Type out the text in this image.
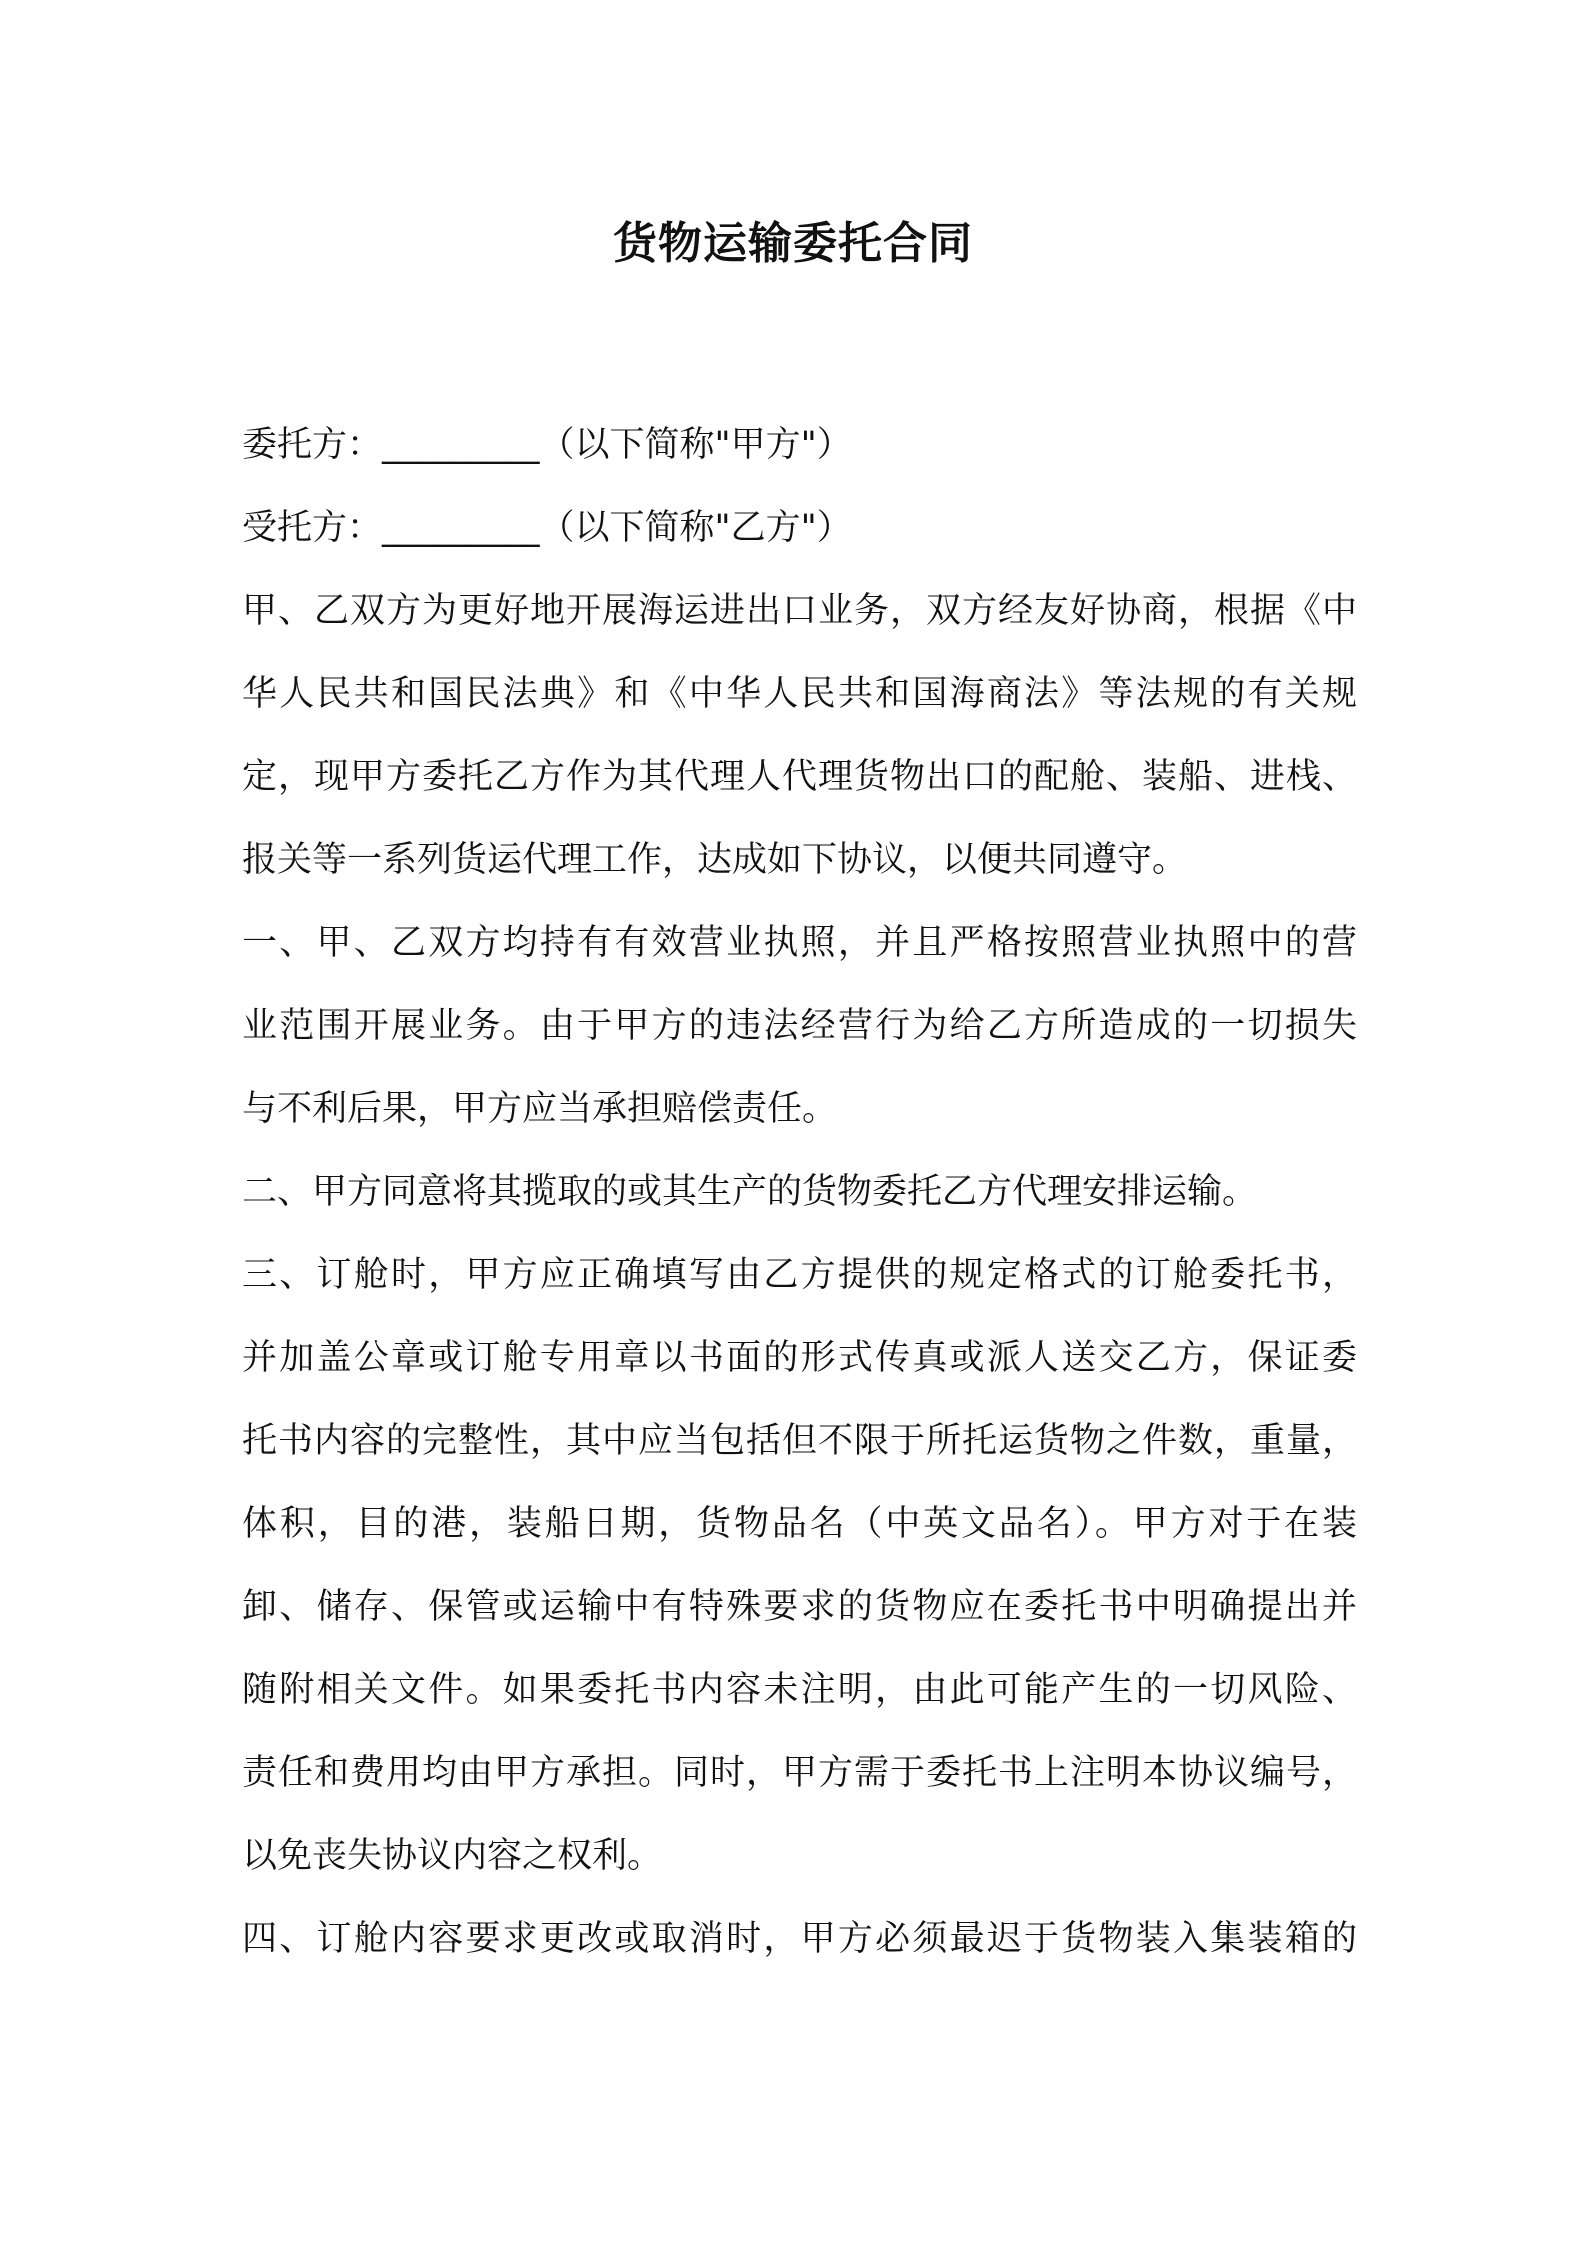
货物运输委托合同
委托方：_________（以下简称"甲方"）
受托方：_________（以下简称"乙方"）
甲、乙双方为更好地开展海运进出口业务，双方经友好协商，根据《中
华人民共和国民法典》和《中华人民共和国海商法》等法规的有关规
定，现甲方委托乙方作为其代理人代理货物出口的配舱、装船、进栈、
报关等一系列货运代理工作，达成如下协议，以便共同遵守。
一、甲、乙双方均持有有效营业执照，并且严格按照营业执照中的营
业范围开展业务。由于甲方的违法经营行为给乙方所造成的一切损失
与不利后果，甲方应当承担赔偿责任。
二、甲方同意将其揽取的或其生产的货物委托乙方代理安排运输。
三、订舱时，甲方应正确填写由乙方提供的规定格式的订舱委托书，
并加盖公章或订舱专用章以书面的形式传真或派人送交乙方，保证委
托书内容的完整性，其中应当包括但不限于所托运货物之件数，重量，
体积，目的港，装船日期，货物品名（中英文品名）。甲方对于在装
卸、储存、保管或运输中有特殊要求的货物应在委托书中明确提出并
随附相关文件。如果委托书内容未注明，由此可能产生的一切风险、
责任和费用均由甲方承担。同时，甲方需于委托书上注明本协议编号，
以免丧失协议内容之权利。
四、订舱内容要求更改或取消时，甲方必须最迟于货物装入集装箱的
